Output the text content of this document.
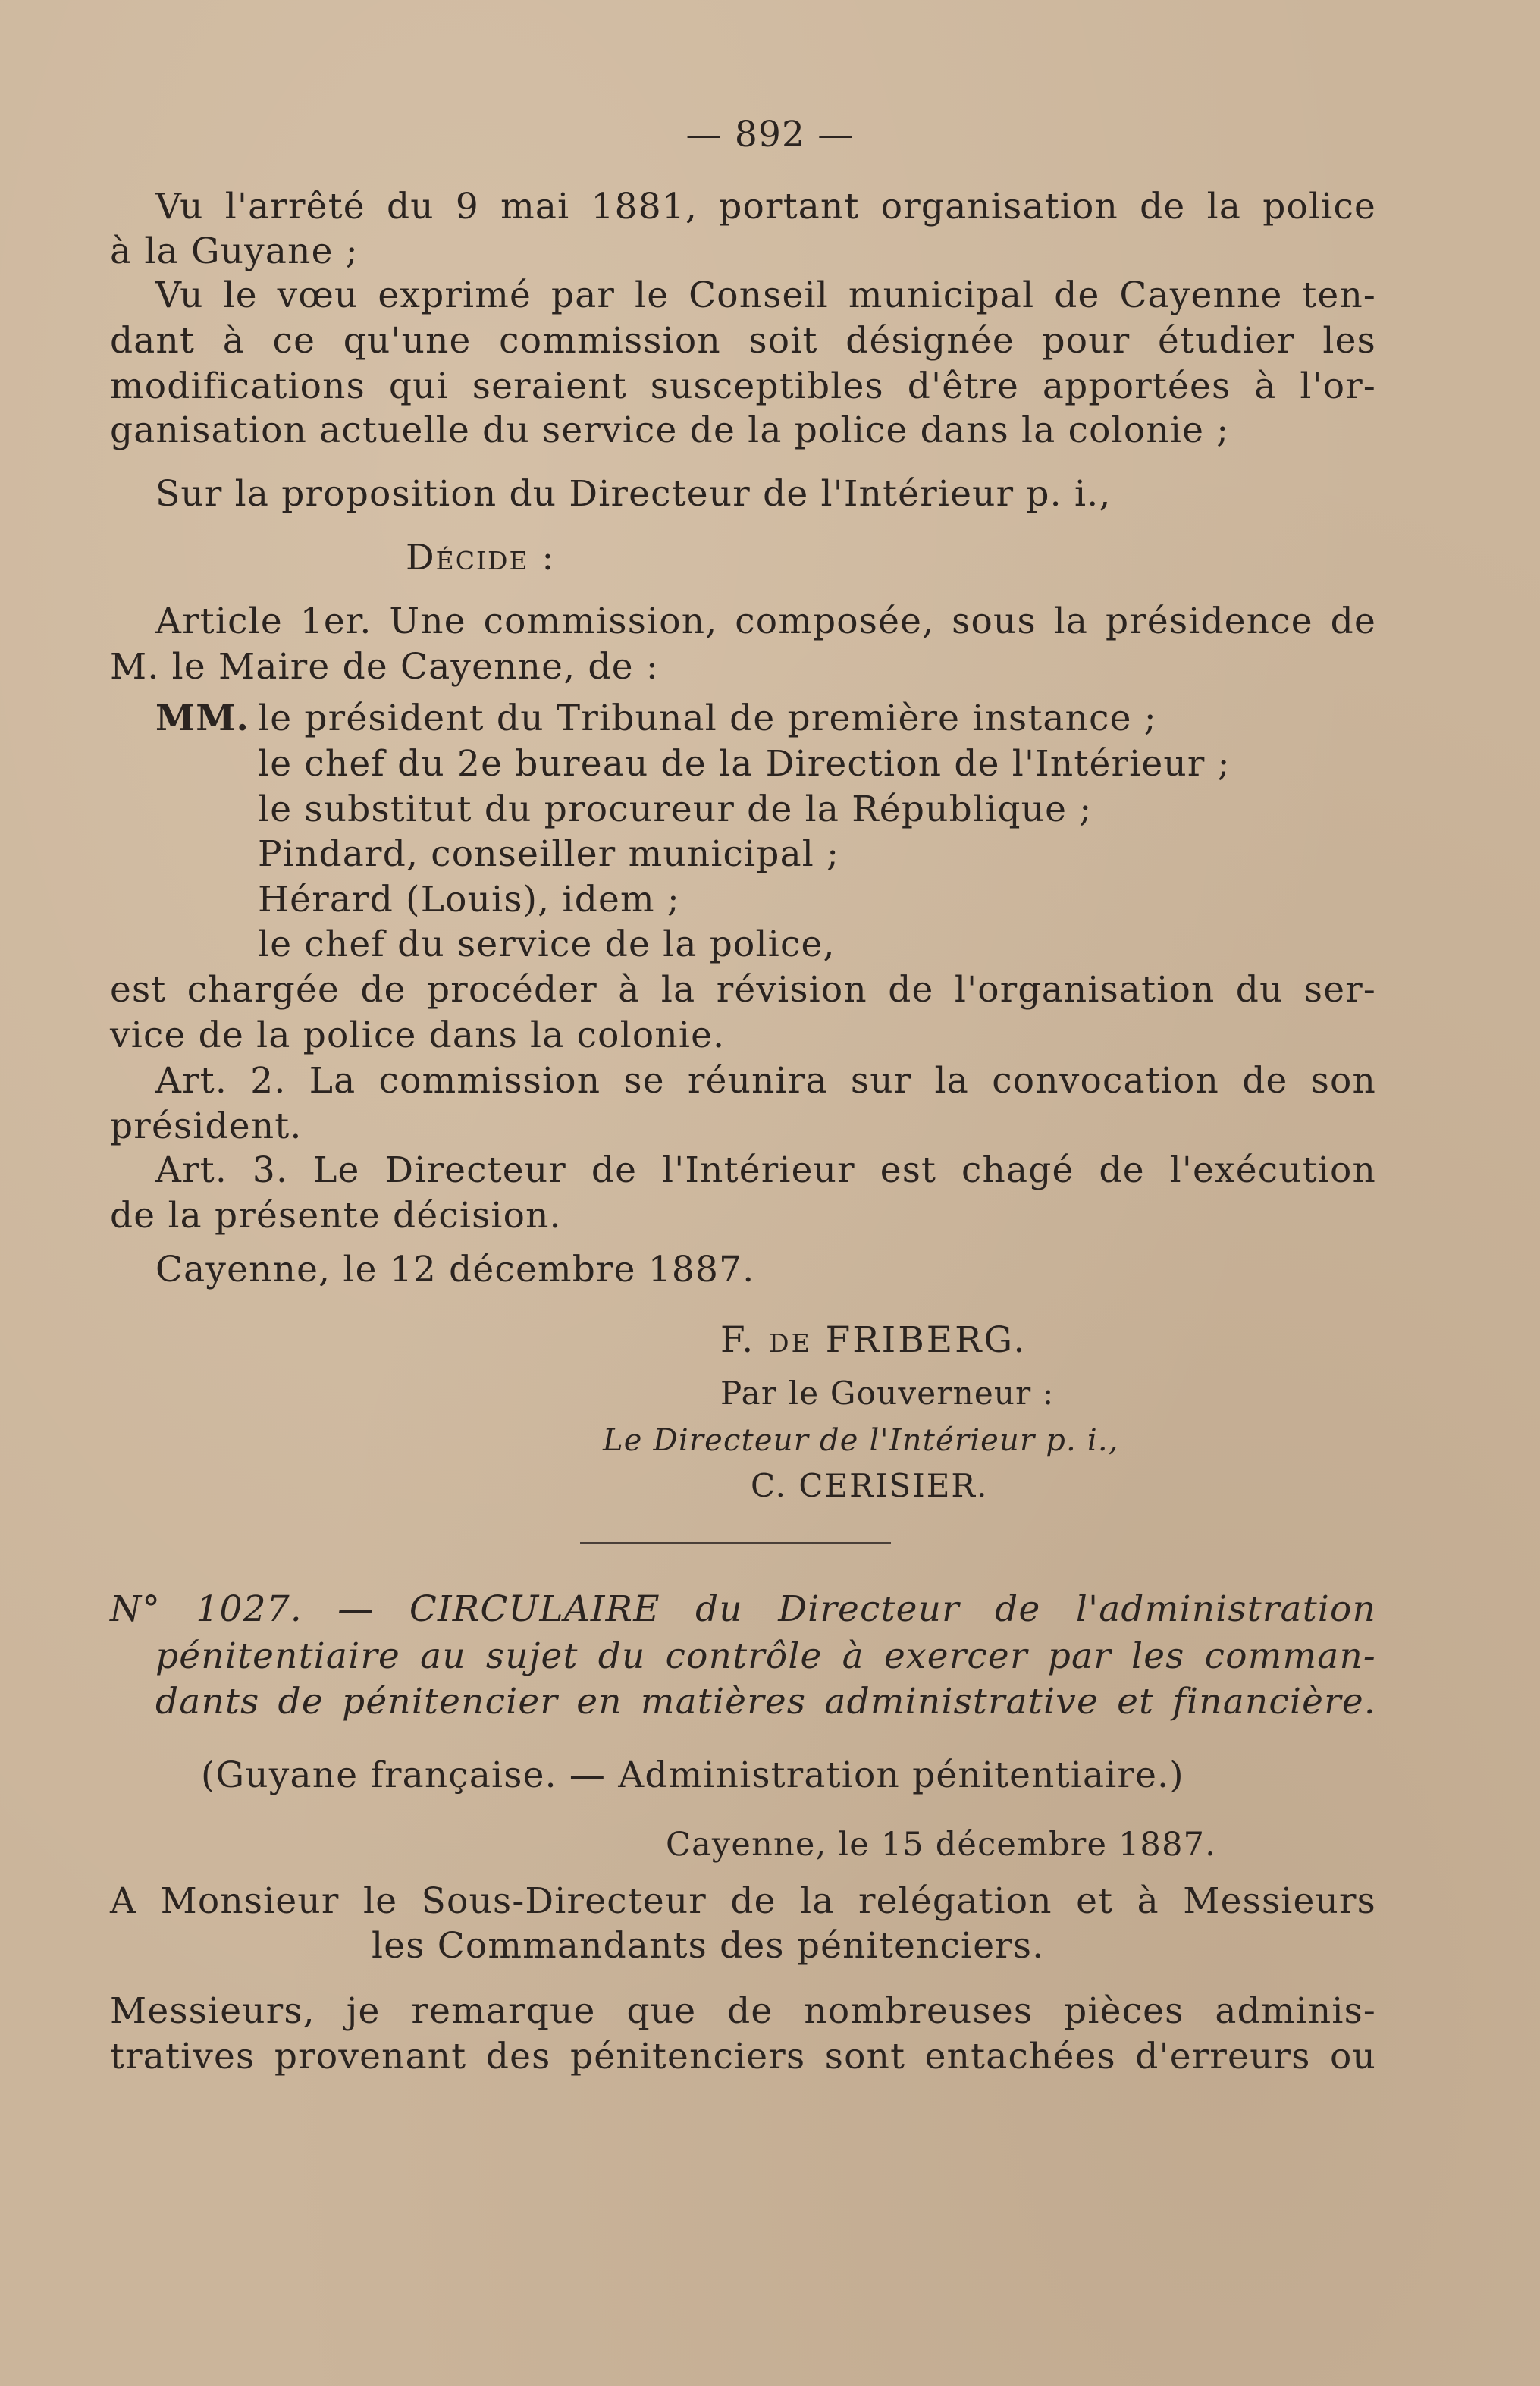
— 892 —
Vu l'arrêté du 9 mai 1881, portant organisation de la police
à la Guyane ;
Vu le vœu exprimé par le Conseil municipal de Cayenne ten-
dant à ce qu'une commission soit désignée pour étudier les
modifications qui seraient susceptibles d'être apportées à l'or-
ganisation actuelle du service de la police dans la colonie ;
Sur la proposition du Directeur de l'Intérieur p. i.,
Décide :
Article 1er. Une commission, composée, sous la présidence de
M. le Maire de Cayenne, de :
MM. le président du Tribunal de première instance ;
le chef du 2e bureau de la Direction de l'Intérieur ;
le substitut du procureur de la République ;
Pindard, conseiller municipal ;
Hérard (Louis), idem ;
le chef du service de la police,
est chargée de procéder à la révision de l'organisation du ser-
vice de la police dans la colonie.
Art. 2. La commission se réunira sur la convocation de son
président.
Art. 3. Le Directeur de l'Intérieur est chagé de l'exécution
de la présente décision.
Cayenne, le 12 décembre 1887.
F. de FRIBERG.
Par le Gouverneur :
Le Directeur de l'Intérieur p. i.,
C. CERISIER.
N° 1027. — CIRCULAIRE du Directeur de l'administration
pénitentiaire au sujet du contrôle à exercer par les comman-
dants de pénitencier en matières administrative et financière.
(Guyane française. — Administration pénitentiaire.)
Cayenne, le 15 décembre 1887.
A Monsieur le Sous-Directeur de la relégation et à Messieurs
les Commandants des pénitenciers.
Messieurs, je remarque que de nombreuses pièces adminis-
tratives provenant des pénitenciers sont entachées d'erreurs ou
